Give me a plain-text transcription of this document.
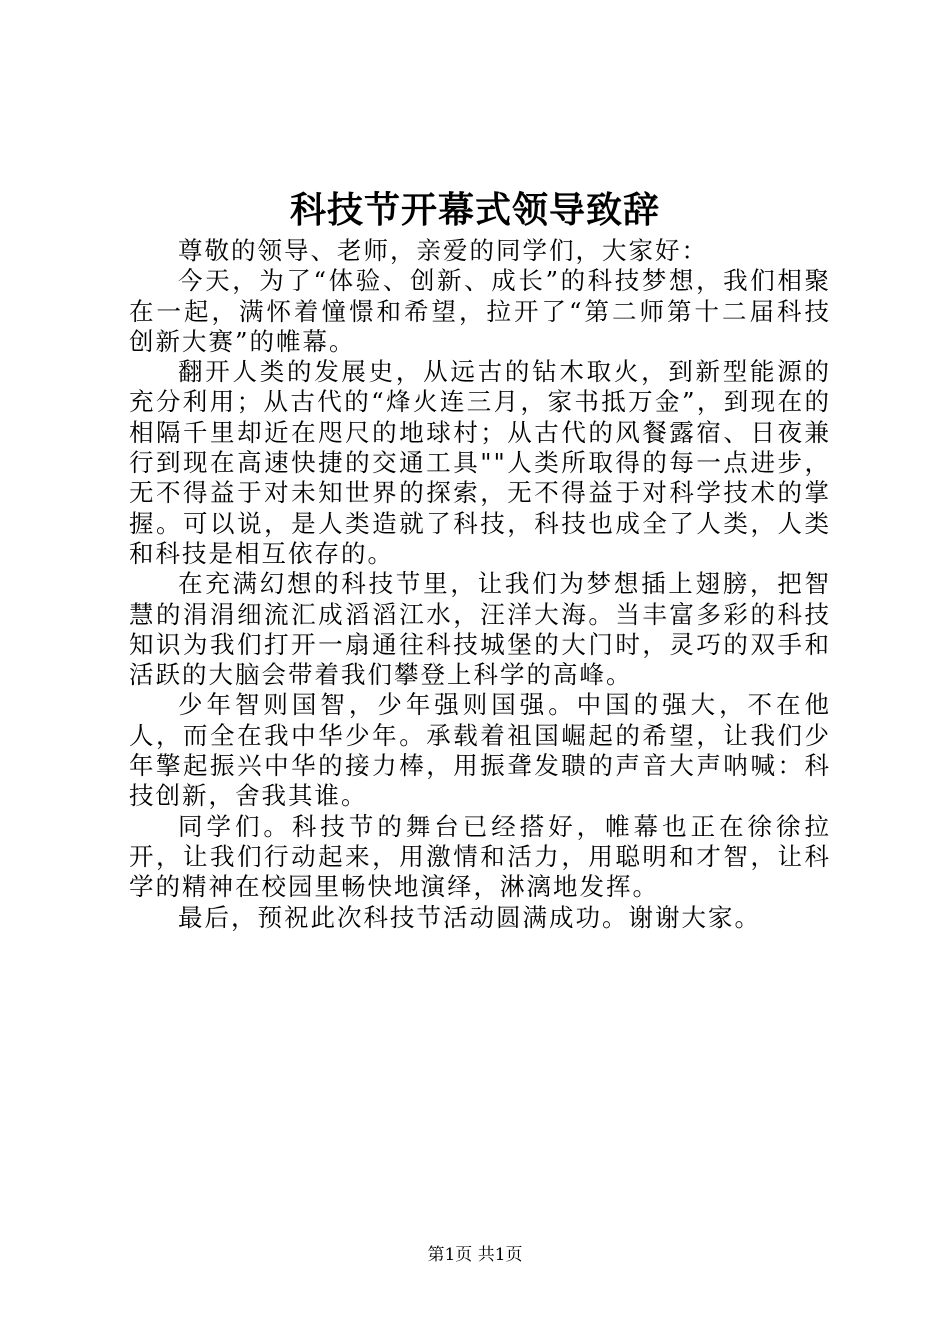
科技节开幕式领导致辞

尊敬的领导、老师，亲爱的同学们，大家好：

今天，为了“体验、创新、成长”的科技梦想，我们相聚在一起，满怀着憧憬和希望，拉开了“第二师第十二届科技创新大赛”的帷幕。

翻开人类的发展史，从远古的钻木取火，到新型能源的充分利用；从古代的“烽火连三月，家书抵万金”，到现在的相隔千里却近在咫尺的地球村；从古代的风餐露宿、日夜兼行到现在高速快捷的交通工具""人类所取得的每一点进步，无不得益于对未知世界的探索，无不得益于对科学技术的掌握。可以说，是人类造就了科技，科技也成全了人类，人类和科技是相互依存的。

在充满幻想的科技节里，让我们为梦想插上翅膀，把智慧的涓涓细流汇成滔滔江水，汪洋大海。当丰富多彩的科技知识为我们打开一扇通往科技城堡的大门时，灵巧的双手和活跃的大脑会带着我们攀登上科学的高峰。

少年智则国智，少年强则国强。中国的强大，不在他人，而全在我中华少年。承载着祖国崛起的希望，让我们少年擎起振兴中华的接力棒，用振聋发聩的声音大声呐喊：科技创新，舍我其谁。

同学们。科技节的舞台已经搭好，帷幕也正在徐徐拉开，让我们行动起来，用激情和活力，用聪明和才智，让科学的精神在校园里畅快地演绎，淋漓地发挥。

最后，预祝此次科技节活动圆满成功。谢谢大家。

第1页 共1页
